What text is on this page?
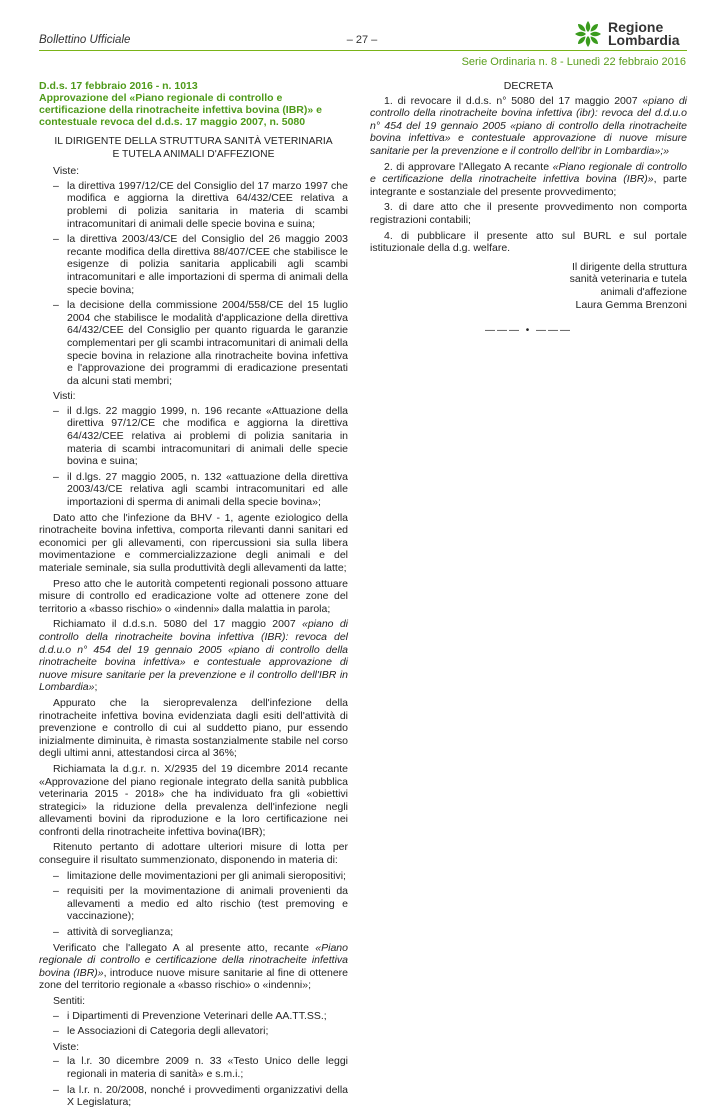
Bollettino Ufficiale	– 27 –
Regione
Lombardia
Serie Ordinaria n. 8 - Lunedì 22 febbraio 2016
D.d.s. 17 febbraio 2016 - n. 1013
Approvazione del «Piano regionale di controllo e certificazione della rinotracheite infettiva bovina (IBR)» e contestuale revoca del d.d.s. 17 maggio 2007, n. 5080
IL DIRIGENTE DELLA STRUTTURA SANITÀ VETERINARIA
E TUTELA ANIMALI D'AFFEZIONE
Viste:
– la direttiva 1997/12/CE del Consiglio del 17 marzo 1997 che modifica e aggiorna la direttiva 64/432/CEE relativa a problemi di polizia sanitaria in materia di scambi intracomunitari di animali delle specie bovina e suina;
– la direttiva 2003/43/CE del Consiglio del 26 maggio 2003 recante modifica della direttiva 88/407/CEE che stabilisce le esigenze di polizia sanitaria applicabili agli scambi intracomunitari e alle importazioni di sperma di animali della specie bovina;
– la decisione della commissione 2004/558/CE del 15 luglio 2004 che stabilisce le modalità d'applicazione della direttiva 64/432/CEE del Consiglio per quanto riguarda le garanzie complementari per gli scambi intracomunitari di animali della specie bovina in relazione alla rinotracheite bovina infettiva e l'approvazione dei programmi di eradicazione presentati da alcuni stati membri;
Visti:
– il d.lgs. 22 maggio 1999, n. 196 recante «Attuazione della direttiva 97/12/CE che modifica e aggiorna la direttiva 64/432/CEE relativa ai problemi di polizia sanitaria in materia di scambi intracomunitari di animali delle specie bovina e suina;
– il d.lgs. 27 maggio 2005, n. 132 «attuazione della direttiva 2003/43/CE relativa agli scambi intracomunitari ed alle importazioni di sperma di animali della specie bovina»;

Dato atto che l'infezione da BHV - 1, agente eziologico della rinotracheite bovina infettiva, comporta rilevanti danni sanitari ed economici per gli allevamenti, con ripercussioni sia sulla libera movimentazione e commercializzazione degli animali e del materiale seminale, sia sulla produttività degli allevamenti da latte;

Preso atto che le autorità competenti regionali possono attuare misure di controllo ed eradicazione volte ad ottenere zone del territorio a «basso rischio» o «indenni» dalla malattia in parola;

Richiamato il d.d.s.n. 5080 del 17 maggio 2007 «piano di controllo della rinotracheite bovina infettiva (IBR): revoca del d.d.u.o n° 454 del 19 gennaio 2005 «piano di controllo della rinotracheite bovina infettiva» e contestuale approvazione di nuove misure sanitarie per la prevenzione e il controllo dell'IBR in Lombardia»;

Appurato che la sieroprevalenza dell'infezione della rinotracheite infettiva bovina evidenziata dagli esiti dell'attività di prevenzione e controllo di cui al suddetto piano, pur essendo inizialmente diminuita, è rimasta sostanzialmente stabile nel corso degli ultimi anni, attestandosi circa al 36%;

Richiamata la d.g.r. n. X/2935 del 19 dicembre 2014 recante «Approvazione del piano regionale integrato della sanità pubblica veterinaria 2015 - 2018» che ha individuato fra gli «obiettivi strategici» la riduzione della prevalenza dell'infezione negli allevamenti bovini da riproduzione e la loro certificazione nei confronti della rinotracheite infettiva bovina(IBR);

Ritenuto pertanto di adottare ulteriori misure di lotta per conseguire il risultato summenzionato, disponendo in materia di:

– limitazione delle movimentazioni per gli animali sieropositivi;
– requisiti per la movimentazione di animali provenienti da allevamenti a medio ed alto rischio (test premoving e vaccinazione);
– attività di sorveglianza;

Verificato che l'allegato A al presente atto, recante «Piano regionale di controllo e certificazione della rinotracheite infettiva bovina (IBR)», introduce nuove misure sanitarie al fine di ottenere zone del territorio regionale a «basso rischio» o «indenni»;

Sentiti:
– i Dipartimenti di Prevenzione Veterinari delle AA.TT.SS.;
– le Associazioni di Categoria degli allevatori;
Viste:
– la l.r. 30 dicembre 2009 n. 33 «Testo Unico delle leggi regionali in materia di sanità» e s.m.i.;
– la l.r. n. 20/2008, nonché i provvedimenti organizzativi della X Legislatura;
DECRETA

1. di revocare il d.d.s. n° 5080 del 17 maggio 2007 «piano di controllo della rinotracheite bovina infettiva (ibr): revoca del d.d.u.o n° 454 del 19 gennaio 2005 «piano di controllo della rinotracheite bovina infettiva» e contestuale approvazione di nuove misure sanitarie per la prevenzione e il controllo dell'ibr in Lombardia»;»

2. di approvare l'Allegato A recante «Piano regionale di controllo e certificazione della rinotracheite infettiva bovina (IBR)», parte integrante e sostanziale del presente provvedimento;

3. di dare atto che il presente provvedimento non comporta registrazioni contabili;

4. di pubblicare il presente atto sul BURL e sul portale istituzionale della d.g. welfare.

Il dirigente della struttura
sanità veterinaria e tutela
animali d'affezione
Laura Gemma Brenzoni
——— • ———
